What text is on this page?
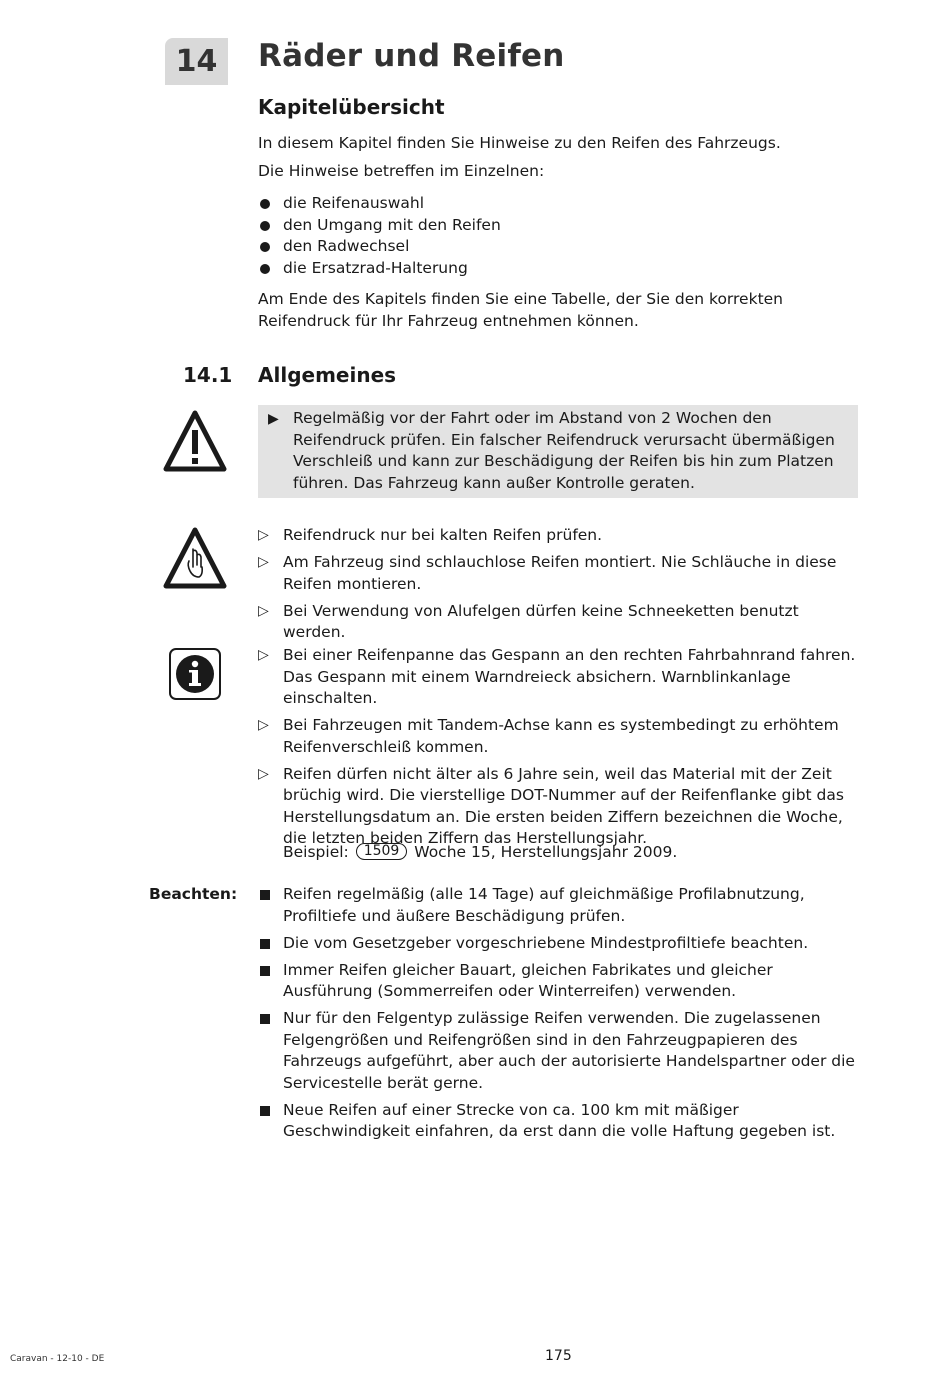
14	Räder und Reifen
Kapitelübersicht
In diesem Kapitel finden Sie Hinweise zu den Reifen des Fahrzeugs.
Die Hinweise betreffen im Einzelnen:
die Reifenauswahl
den Umgang mit den Reifen
den Radwechsel
die Ersatzrad-Halterung
Am Ende des Kapitels finden Sie eine Tabelle, der Sie den korrekten Reifendruck für Ihr Fahrzeug entnehmen können.
14.1 Allgemeines
▶ Regelmäßig vor der Fahrt oder im Abstand von 2 Wochen den Reifendruck prüfen. Ein falscher Reifendruck verursacht übermäßigen Verschleiß und kann zur Beschädigung der Reifen bis hin zum Platzen führen. Das Fahrzeug kann außer Kontrolle geraten.
▷ Reifendruck nur bei kalten Reifen prüfen.
▷ Am Fahrzeug sind schlauchlose Reifen montiert. Nie Schläuche in diese Reifen montieren.
▷ Bei Verwendung von Alufelgen dürfen keine Schneeketten benutzt werden.
▷ Bei einer Reifenpanne das Gespann an den rechten Fahrbahnrand fahren. Das Gespann mit einem Warndreieck absichern. Warnblinkanlage einschalten.
▷ Bei Fahrzeugen mit Tandem-Achse kann es systembedingt zu erhöhtem Reifenverschleiß kommen.
▷ Reifen dürfen nicht älter als 6 Jahre sein, weil das Material mit der Zeit brüchig wird. Die vierstellige DOT-Nummer auf der Reifenflanke gibt das Herstellungsdatum an. Die ersten beiden Ziffern bezeichnen die Woche, die letzten beiden Ziffern das Herstellungsjahr.
Beispiel: 1509 Woche 15, Herstellungsjahr 2009.
Beachten:	Reifen regelmäßig (alle 14 Tage) auf gleichmäßige Profilabnutzung, Profiltiefe und äußere Beschädigung prüfen.
Die vom Gesetzgeber vorgeschriebene Mindestprofiltiefe beachten.
Immer Reifen gleicher Bauart, gleichen Fabrikates und gleicher Ausführung (Sommerreifen oder Winterreifen) verwenden.
Nur für den Felgentyp zulässige Reifen verwenden. Die zugelassenen Felgengrößen und Reifengrößen sind in den Fahrzeugpapieren des Fahrzeugs aufgeführt, aber auch der autorisierte Handelspartner oder die Servicestelle berät gerne.
Neue Reifen auf einer Strecke von ca. 100 km mit mäßiger Geschwindigkeit einfahren, da erst dann die volle Haftung gegeben ist.
Caravan - 12-10 - DE	175
